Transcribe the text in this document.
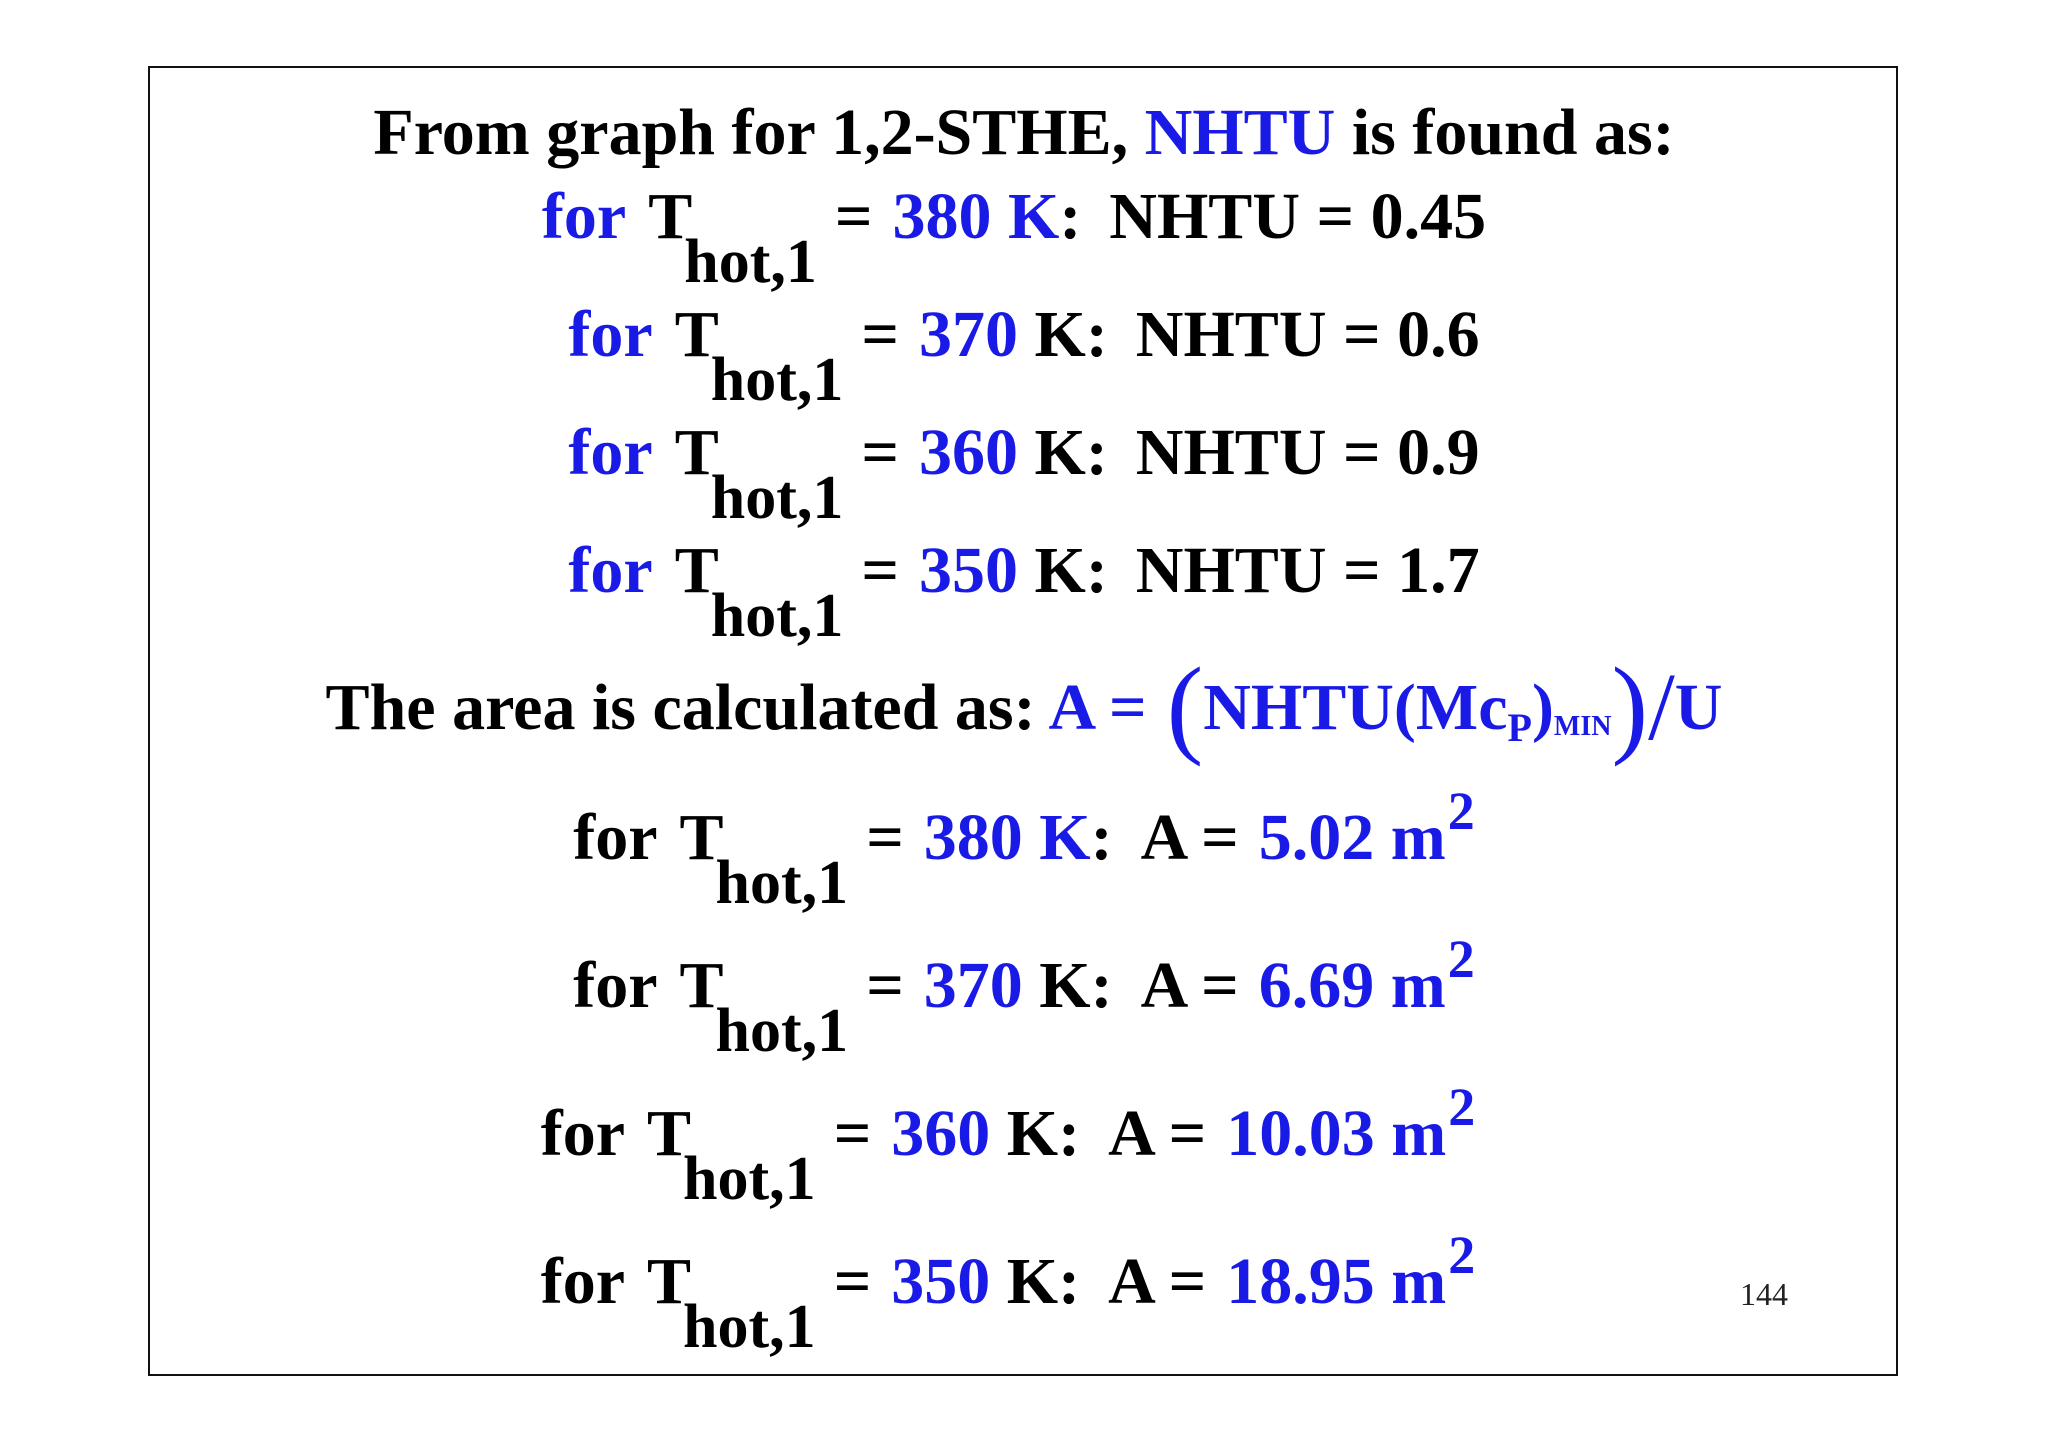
From graph for 1,2-STHE, NHTU is found as:
for Thot,1= 380 K: NHTU = 0.45
for Thot,1= 370 K: NHTU = 0.6
for Thot,1= 360 K: NHTU = 0.9
for Thot,1= 350 K: NHTU = 1.7
The area is calculated as: A = (NHTU(McP)MIN)/U
for Thot,1= 380 K: A = 5.02 $m^2$
for Thot,1= 370 K: A = 6.69 $m^2$
for Thot,1= 360 K: A = 10.03 $m^2$
for Thot,1= 350 K: A = 18.95 $m^2$
144
